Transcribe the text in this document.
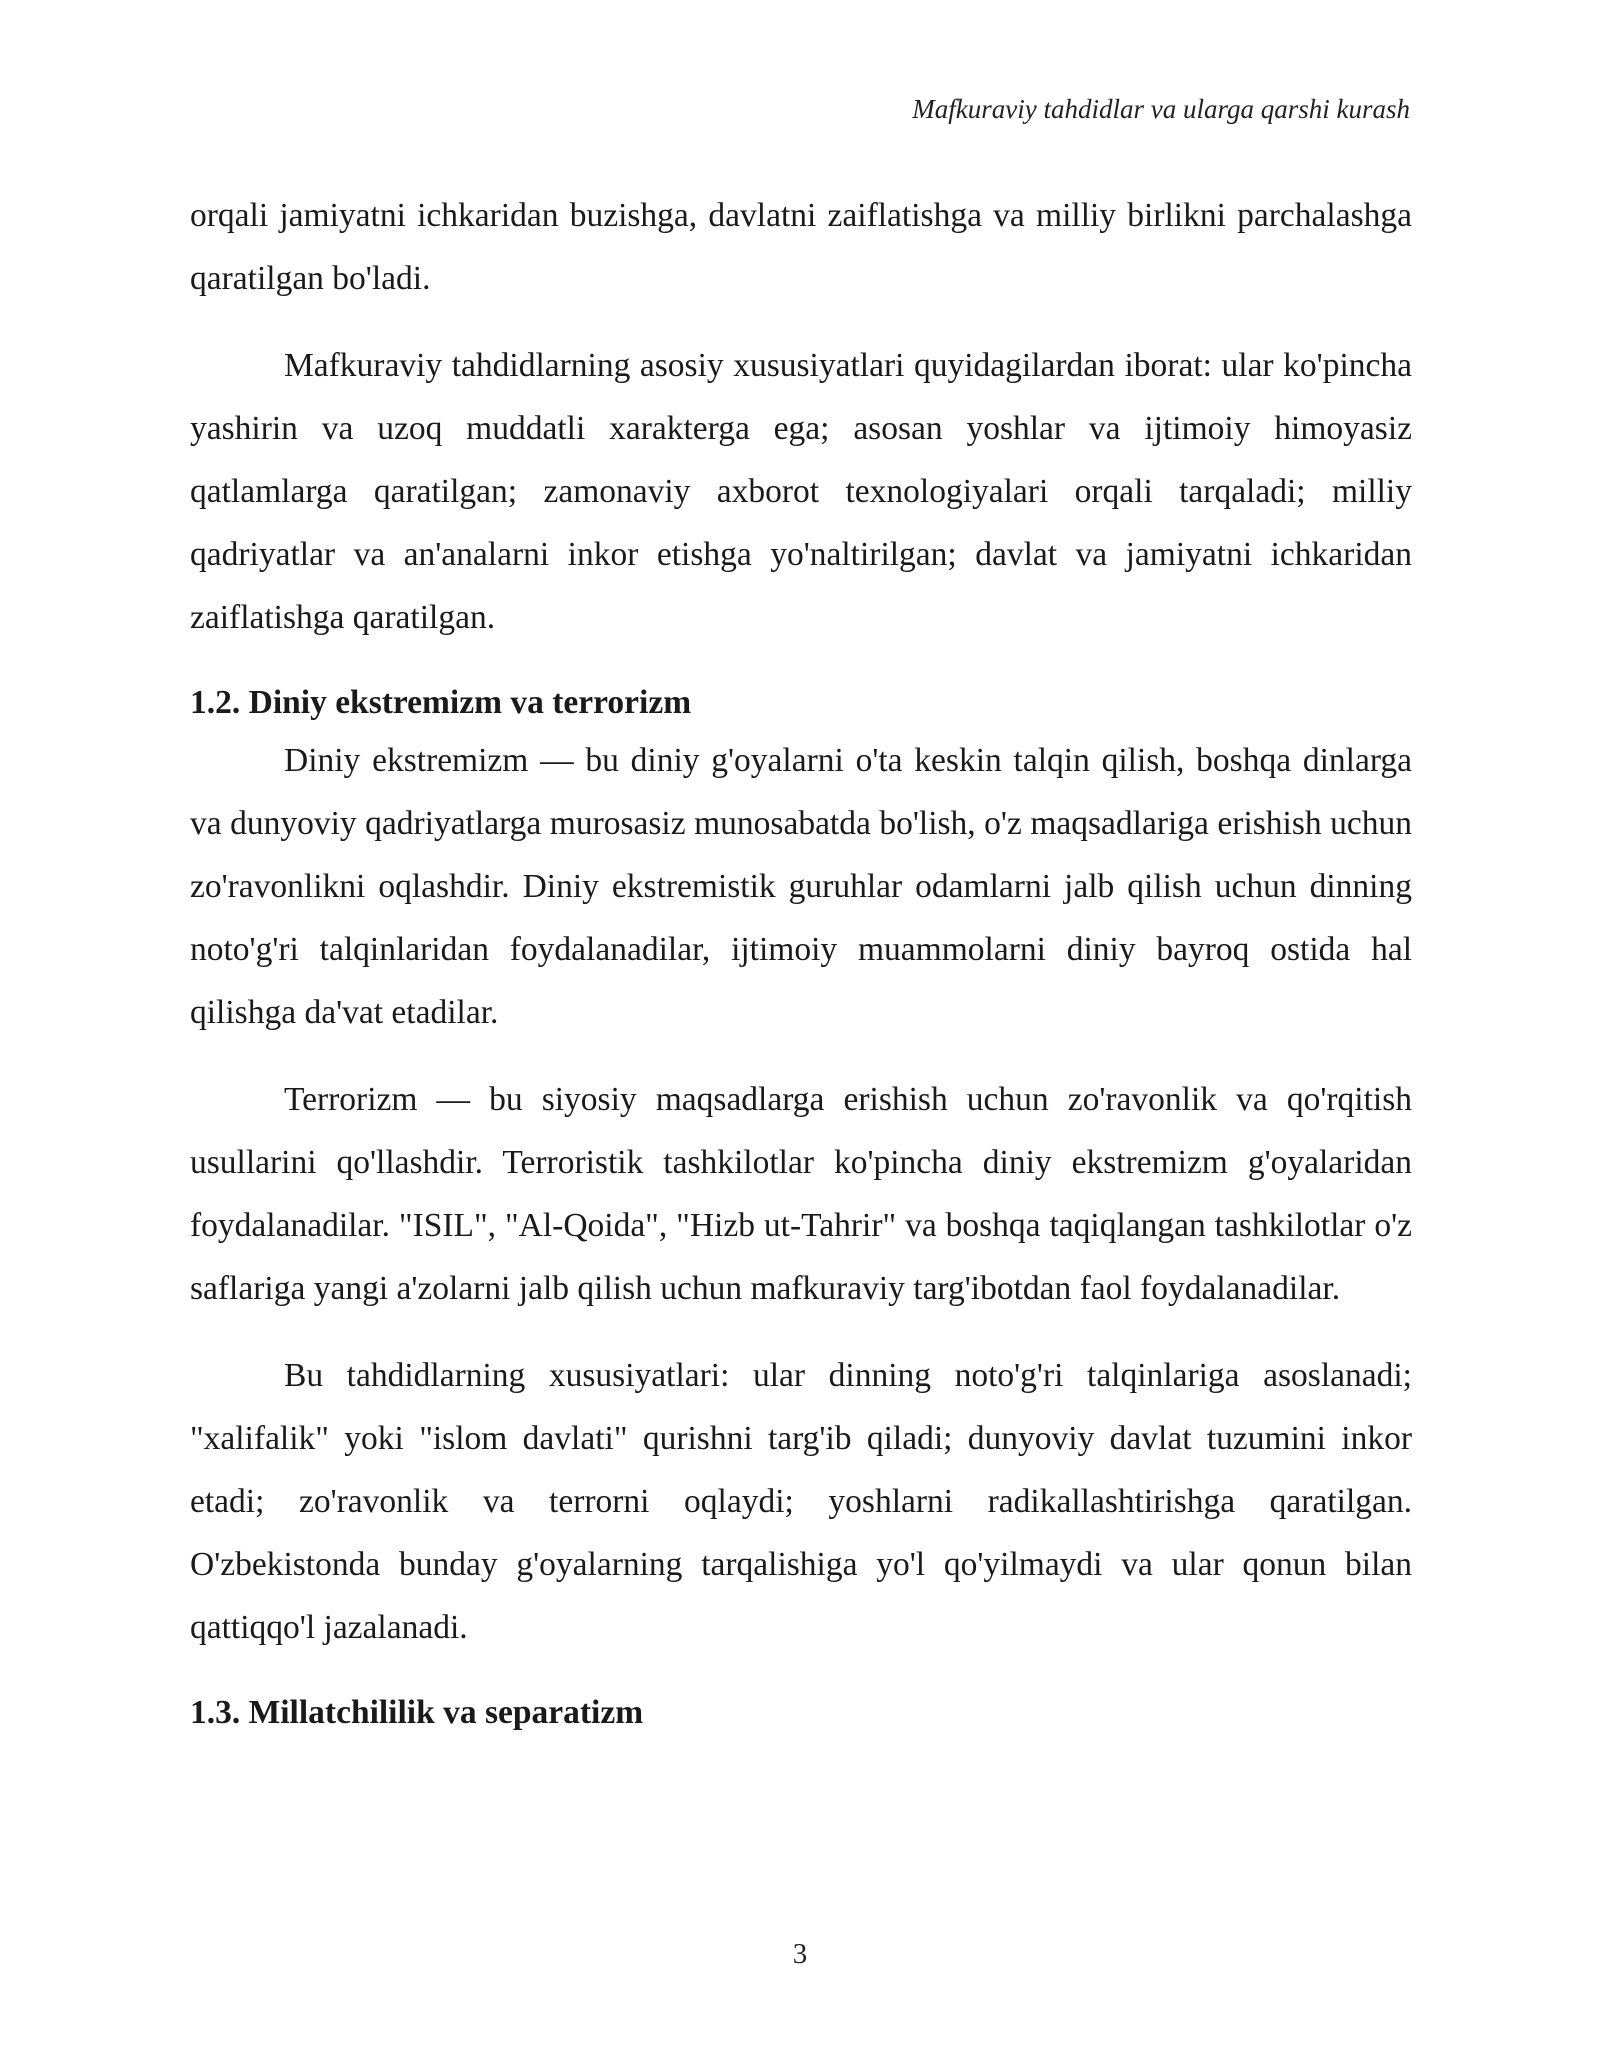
Mafkuraviy tahdidlar va ularga qarshi kurash

orqali jamiyatni ichkaridan buzishga, davlatni zaiflatishga va milliy birlikni parchalashga qaratilgan bo'ladi.

Mafkuraviy tahdidlarning asosiy xususiyatlari quyidagilardan iborat: ular ko'pincha yashirin va uzoq muddatli xarakterga ega; asosan yoshlar va ijtimoiy himoyasiz qatlamlarga qaratilgan; zamonaviy axborot texnologiyalari orqali tarqaladi; milliy qadriyatlar va an'analarni inkor etishga yo'naltirilgan; davlat va jamiyatni ichkaridan zaiflatishga qaratilgan.

1.2. Diniy ekstremizm va terrorizm

Diniy ekstremizm — bu diniy g'oyalarni o'ta keskin talqin qilish, boshqa dinlarga va dunyoviy qadriyatlarga murosasiz munosabatda bo'lish, o'z maqsadlariga erishish uchun zo'ravonlikni oqlashdir. Diniy ekstremistik guruhlar odamlarni jalb qilish uchun dinning noto'g'ri talqinlaridan foydalanadilar, ijtimoiy muammolarni diniy bayroq ostida hal qilishga da'vat etadilar.

Terrorizm — bu siyosiy maqsadlarga erishish uchun zo'ravonlik va qo'rqitish usullarini qo'llashdir. Terroristik tashkilotlar ko'pincha diniy ekstremizm g'oyalaridan foydalanadilar. "ISIL", "Al-Qoida", "Hizb ut-Tahrir" va boshqa taqiqlangan tashkilotlar o'z saflariga yangi a'zolarni jalb qilish uchun mafkuraviy targ'ibotdan faol foydalanadilar.

Bu tahdidlarning xususiyatlari: ular dinning noto'g'ri talqinlariga asoslanadi; "xalifalik" yoki "islom davlati" qurishni targ'ib qiladi; dunyoviy davlat tuzumini inkor etadi; zo'ravonlik va terrorni oqlaydi; yoshlarni radikallashtirishga qaratilgan. O'zbekistonda bunday g'oyalarning tarqalishiga yo'l qo'yilmaydi va ular qonun bilan qattiqqo'l jazalanadi.

1.3. Millatchililik va separatizm
3
